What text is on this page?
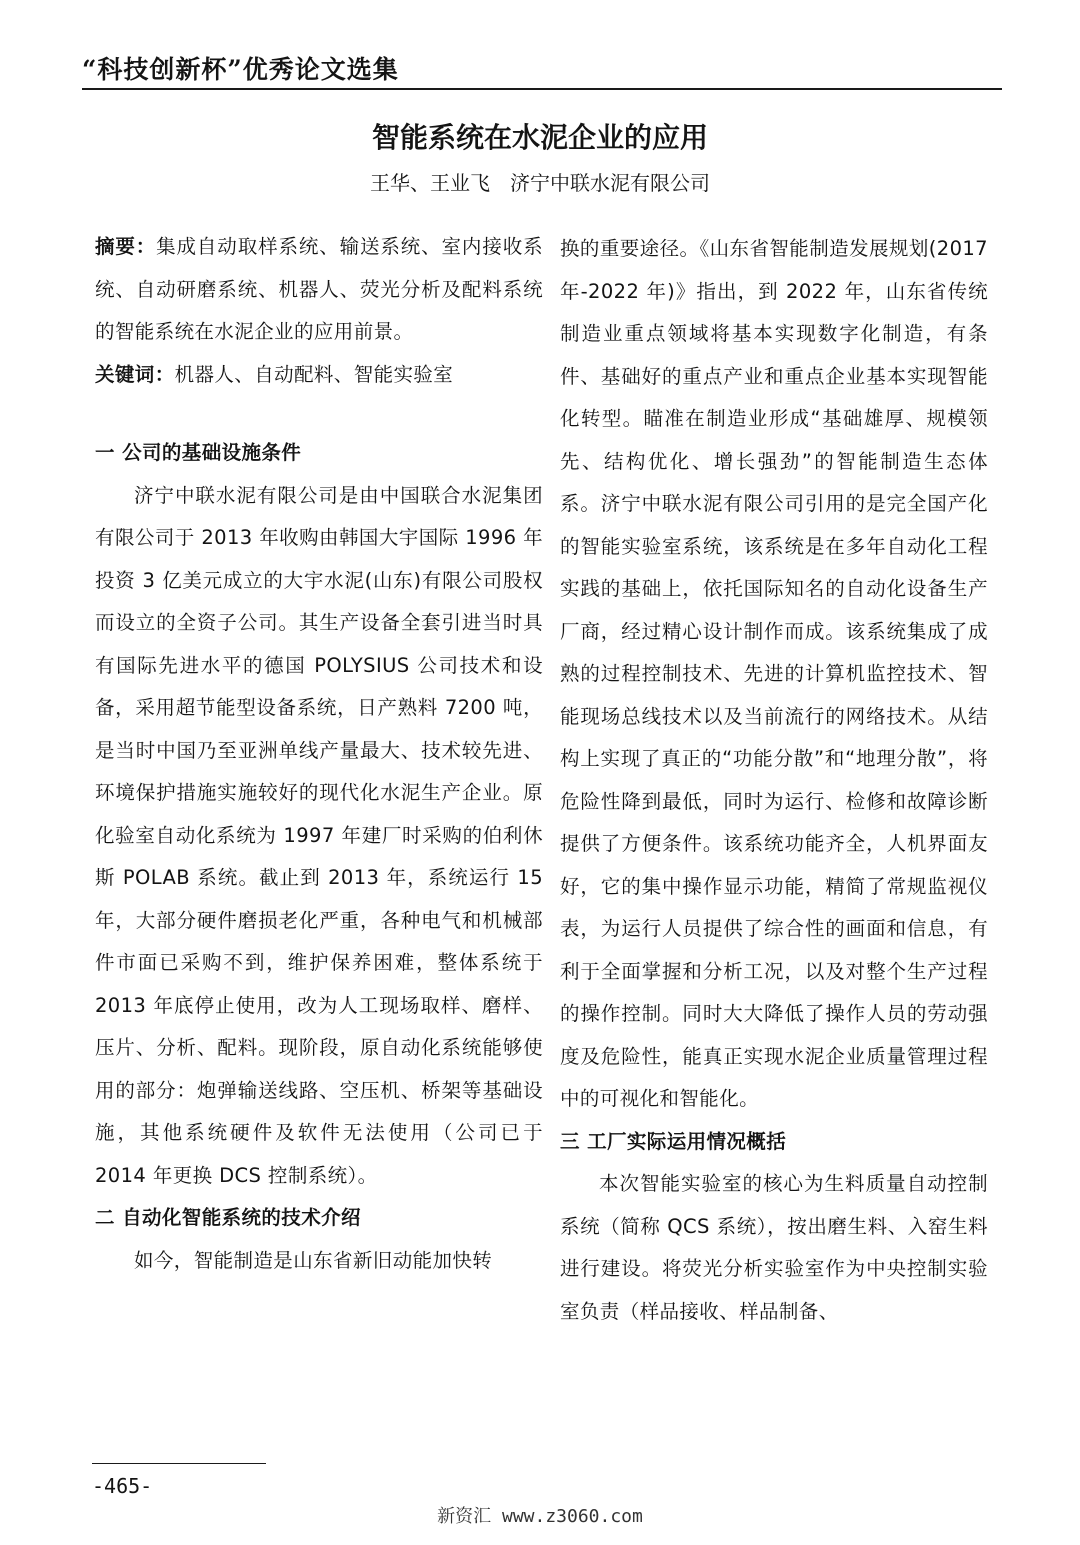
“科技创新杯”优秀论文选集
智能系统在水泥企业的应用
王华、王业飞　济宁中联水泥有限公司

摘要：集成自动取样系统、输送系统、室内接收系统、自动研磨系统、机器人、荧光分析及配料系统的智能系统在水泥企业的应用前景。

关键词：机器人、自动配料、智能实验室

一 公司的基础设施条件

济宁中联水泥有限公司是由中国联合水泥集团有限公司于 2013 年收购由韩国大宇国际 1996 年投资 3 亿美元成立的大宇水泥(山东)有限公司股权而设立的全资子公司。其生产设备全套引进当时具有国际先进水平的德国 POLYSIUS 公司技术和设备，采用超节能型设备系统，日产熟料 7200 吨，是当时中国乃至亚洲单线产量最大、技术较先进、环境保护措施实施较好的现代化水泥生产企业。原化验室自动化系统为 1997 年建厂时采购的伯利休斯 POLAB 系统。截止到 2013 年，系统运行 15 年，大部分硬件磨损老化严重，各种电气和机械部件市面已采购不到，维护保养困难，整体系统于 2013 年底停止使用，改为人工现场取样、磨样、压片、分析、配料。现阶段，原自动化系统能够使用的部分：炮弹输送线路、空压机、桥架等基础设施，其他系统硬件及软件无法使用（公司已于 2014 年更换 DCS 控制系统）。

二 自动化智能系统的技术介绍

如今，智能制造是山东省新旧动能加快转

换的重要途径。《山东省智能制造发展规划(2017 年-2022 年)》指出，到 2022 年，山东省传统制造业重点领域将基本实现数字化制造，有条件、基础好的重点产业和重点企业基本实现智能化转型。瞄准在制造业形成“基础雄厚、规模领先、结构优化、增长强劲”的智能制造生态体系。济宁中联水泥有限公司引用的是完全国产化的智能实验室系统，该系统是在多年自动化工程实践的基础上，依托国际知名的自动化设备生产厂商，经过精心设计制作而成。该系统集成了成熟的过程控制技术、先进的计算机监控技术、智能现场总线技术以及当前流行的网络技术。从结构上实现了真正的“功能分散”和“地理分散”，将危险性降到最低，同时为运行、检修和故障诊断提供了方便条件。该系统功能齐全，人机界面友好，它的集中操作显示功能，精简了常规监视仪表，为运行人员提供了综合性的画面和信息，有利于全面掌握和分析工况，以及对整个生产过程的操作控制。同时大大降低了操作人员的劳动强度及危险性，能真正实现水泥企业质量管理过程中的可视化和智能化。

三 工厂实际运用情况概括

本次智能实验室的核心为生料质量自动控制系统（简称 QCS 系统），按出磨生料、入窑生料进行建设。将荧光分析实验室作为中央控制实验室负责（样品接收、样品制备、

-465-
新资汇 www.z3060.com
